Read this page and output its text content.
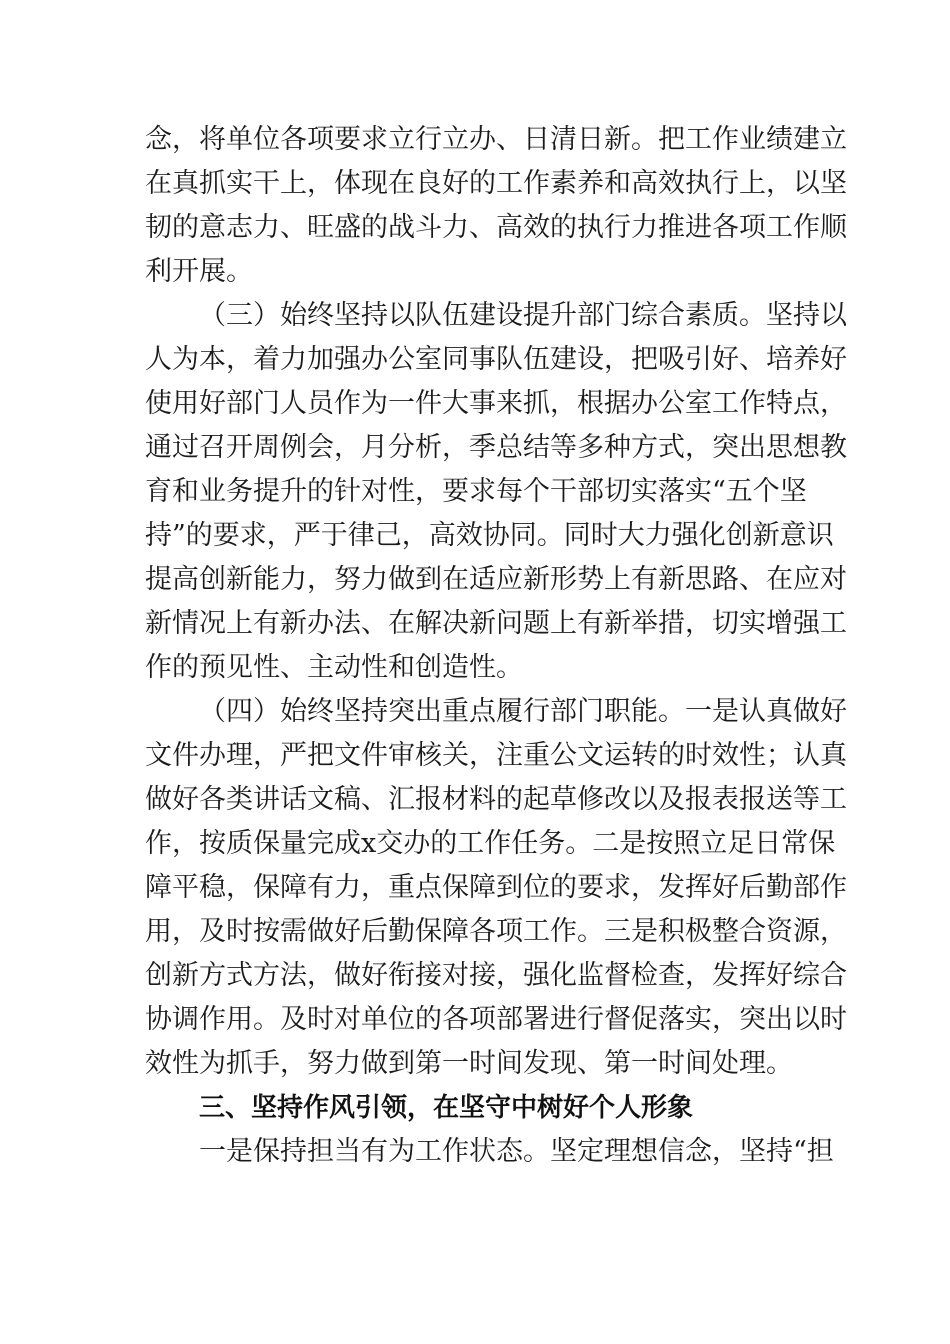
念，将单位各项要求立行立办、日清日新。把工作业绩建立
在真抓实干上，体现在良好的工作素养和高效执行上，以坚
韧的意志力、旺盛的战斗力、高效的执行力推进各项工作顺
利开展。
（三）始终坚持以队伍建设提升部门综合素质。坚持以
人为本，着力加强办公室同事队伍建设，把吸引好、培养好
使用好部门人员作为一件大事来抓，根据办公室工作特点，
通过召开周例会，月分析，季总结等多种方式，突出思想教
育和业务提升的针对性，要求每个干部切实落实“五个坚
持”的要求，严于律己，高效协同。同时大力强化创新意识
提高创新能力，努力做到在适应新形势上有新思路、在应对
新情况上有新办法、在解决新问题上有新举措，切实增强工
作的预见性、主动性和创造性。
（四）始终坚持突出重点履行部门职能。一是认真做好
文件办理，严把文件审核关，注重公文运转的时效性；认真
做好各类讲话文稿、汇报材料的起草修改以及报表报送等工
作，按质保量完成x交办的工作任务。二是按照立足日常保
障平稳，保障有力，重点保障到位的要求，发挥好后勤部作
用，及时按需做好后勤保障各项工作。三是积极整合资源，
创新方式方法，做好衔接对接，强化监督检查，发挥好综合
协调作用。及时对单位的各项部署进行督促落实，突出以时
效性为抓手，努力做到第一时间发现、第一时间处理。
三、坚持作风引领，在坚守中树好个人形象
一是保持担当有为工作状态。坚定理想信念，坚持“担
